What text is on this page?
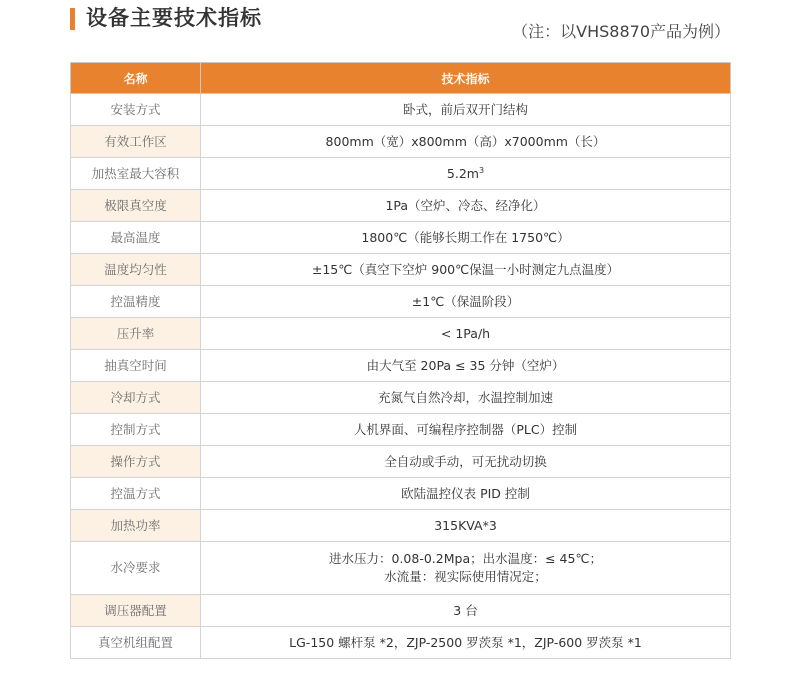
设备主要技术指标
（注：以VHS8870产品为例）
名称	技术指标
安装方式	卧式，前后双开门结构
有效工作区	800mm（宽）x800mm（高）x7000mm（长）
加热室最大容积	$5.2m^3$
极限真空度	1Pa（空炉、冷态、经净化）
最高温度	1800℃（能够长期工作在 1750℃）
温度均匀性	±15℃（真空下空炉 900℃保温一小时测定九点温度）
控温精度	±1℃（保温阶段）
压升率	< 1Pa/h
抽真空时间	由大气至 20Pa ≤ 35 分钟（空炉）
冷却方式	充氮气自然冷却，水温控制加速
控制方式	人机界面、可编程序控制器（PLC）控制
操作方式	全自动或手动，可无扰动切换
控温方式	欧陆温控仪表 PID 控制
加热功率	315KVA*3
水冷要求	进水压力：0.08-0.2Mpa；出水温度：≤ 45℃；
水流量：视实际使用情况定；

调压器配置	3 台
真空机组配置	LG-150 螺杆泵 *2，ZJP-2500 罗茨泵 *1，ZJP-600 罗茨泵 *1
